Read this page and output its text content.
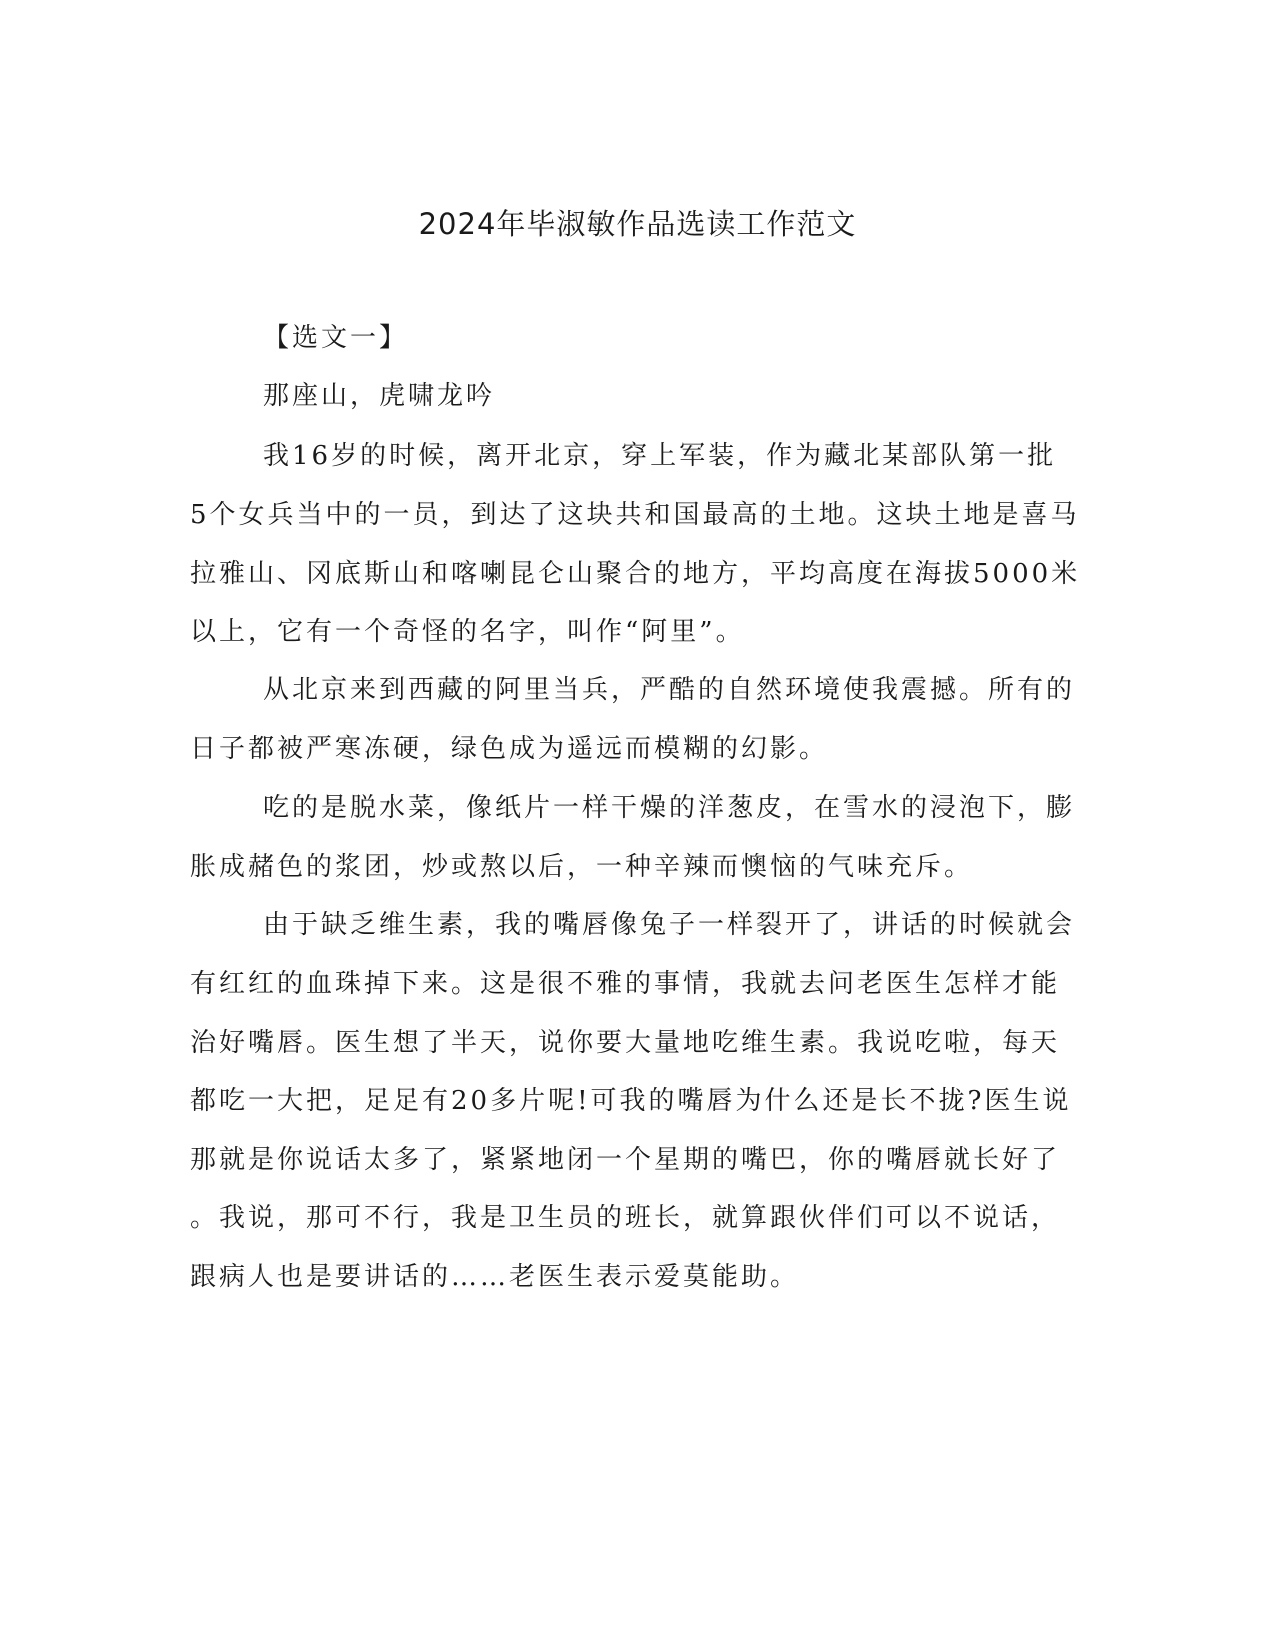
2024年毕淑敏作品选读工作范文
【选文一】
那座山，虎啸龙吟
我16岁的时候，离开北京，穿上军装，作为藏北某部队第一批
5个女兵当中的一员，到达了这块共和国最高的土地。这块土地是喜马
拉雅山、冈底斯山和喀喇昆仑山聚合的地方，平均高度在海拔5000米
以上，它有一个奇怪的名字，叫作“阿里”。
从北京来到西藏的阿里当兵，严酷的自然环境使我震撼。所有的
日子都被严寒冻硬，绿色成为遥远而模糊的幻影。
吃的是脱水菜，像纸片一样干燥的洋葱皮，在雪水的浸泡下，膨
胀成赭色的浆团，炒或熬以后，一种辛辣而懊恼的气味充斥。
由于缺乏维生素，我的嘴唇像兔子一样裂开了，讲话的时候就会
有红红的血珠掉下来。这是很不雅的事情，我就去问老医生怎样才能
治好嘴唇。医生想了半天，说你要大量地吃维生素。我说吃啦，每天
都吃一大把，足足有20多片呢!可我的嘴唇为什么还是长不拢?医生说
那就是你说话太多了，紧紧地闭一个星期的嘴巴，你的嘴唇就长好了
。我说，那可不行，我是卫生员的班长，就算跟伙伴们可以不说话，
跟病人也是要讲话的……老医生表示爱莫能助。
